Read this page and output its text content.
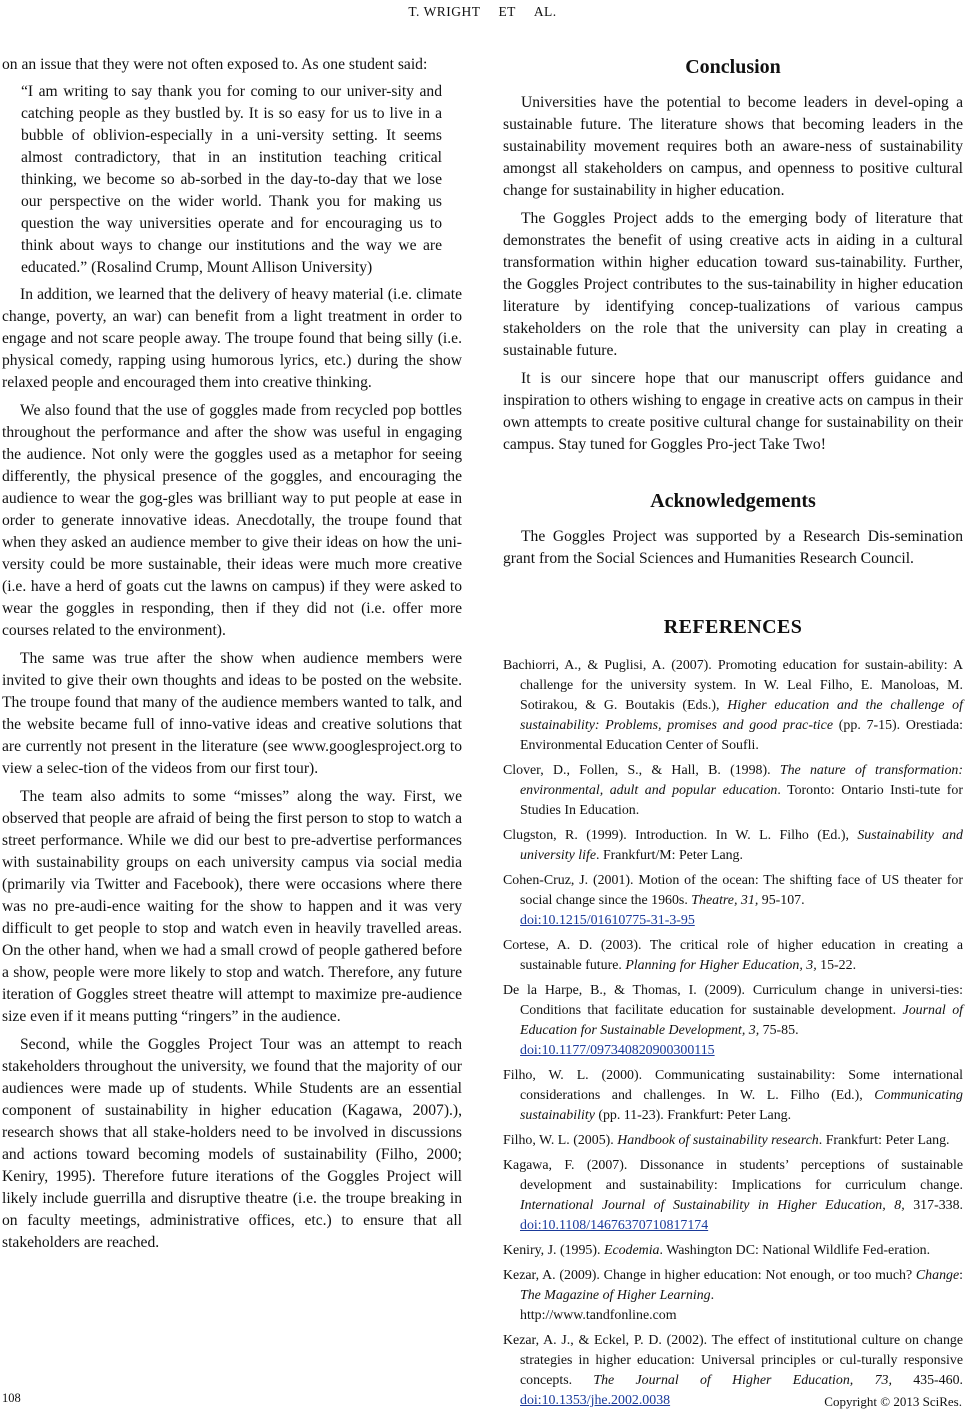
T. WRIGHT ET AL.

on an issue that they were not often exposed to. As one student said:

“I am writing to say thank you for coming to our univer-sity and catching people as they bustled by. It is so easy for us to live in a bubble of oblivion-especially in a uni-versity setting. It seems almost contradictory, that in an institution teaching critical thinking, we become so ab-sorbed in the day-to-day that we lose our perspective on the wider world. Thank you for making us question the way universities operate and for encouraging us to think about ways to change our institutions and the way we are educated.” (Rosalind Crump, Mount Allison University)

In addition, we learned that the delivery of heavy material (i.e. climate change, poverty, an war) can benefit from a light treatment in order to engage and not scare people away. The troupe found that being silly (i.e. physical comedy, rapping using humorous lyrics, etc.) during the show relaxed people and encouraged them into creative thinking.

We also found that the use of goggles made from recycled pop bottles throughout the performance and after the show was useful in engaging the audience. Not only were the goggles used as a metaphor for seeing differently, the physical presence of the goggles, and encouraging the audience to wear the gog-gles was brilliant way to put people at ease in order to generate innovative ideas. Anecdotally, the troupe found that when they asked an audience member to give their ideas on how the uni-versity could be more sustainable, their ideas were much more creative (i.e. have a herd of goats cut the lawns on campus) if they were asked to wear the goggles in responding, then if they did not (i.e. offer more courses related to the environment).

The same was true after the show when audience members were invited to give their own thoughts and ideas to be posted on the website. The troupe found that many of the audience members wanted to talk, and the website became full of inno-vative ideas and creative solutions that are currently not present in the literature (see www.googlesproject.org to view a selec-tion of the videos from our first tour).

The team also admits to some “misses” along the way. First, we observed that people are afraid of being the first person to stop to watch a street performance. While we did our best to pre-advertise performances with sustainability groups on each university campus via social media (primarily via Twitter and Facebook), there were occasions where there was no pre-audi-ence waiting for the show to happen and it was very difficult to get people to stop and watch even in heavily travelled areas. On the other hand, when we had a small crowd of people gathered before a show, people were more likely to stop and watch. Therefore, any future iteration of Goggles street theatre will attempt to maximize pre-audience size even if it means putting “ringers” in the audience.

Second, while the Goggles Project Tour was an attempt to reach stakeholders throughout the university, we found that the majority of our audiences were made up of students. While Students are an essential component of sustainability in higher education (Kagawa, 2007).), research shows that all stake-holders need to be involved in discussions and actions toward becoming models of sustainability (Filho, 2000; Keniry, 1995). Therefore future iterations of the Goggles Project will likely include guerrilla and disruptive theatre (i.e. the troupe breaking in on faculty meetings, administrative offices, etc.) to ensure that all stakeholders are reached.

Conclusion

Universities have the potential to become leaders in devel-oping a sustainable future. The literature shows that becoming leaders in the sustainability movement requires both an aware-ness of sustainability amongst all stakeholders on campus, and openness to positive cultural change for sustainability in higher education.

The Goggles Project adds to the emerging body of literature that demonstrates the benefit of using creative acts in aiding in a cultural transformation within higher education toward sus-tainability. Further, the Goggles Project contributes to the sus-tainability in higher education literature by identifying concep-tualizations of various campus stakeholders on the role that the university can play in creating a sustainable future.

It is our sincere hope that our manuscript offers guidance and inspiration to others wishing to engage in creative acts on campus in their own attempts to create positive cultural change for sustainability on their campus. Stay tuned for Goggles Pro-ject Take Two!

Acknowledgements

The Goggles Project was supported by a Research Dis-semination grant from the Social Sciences and Humanities Research Council.

REFERENCES
Bachiorri, A., & Puglisi, A. (2007). Promoting education for sustain-ability: A challenge for the university system. In W. Leal Filho, E. Manoloas, M. Sotirakou, & G. Boutakis (Eds.), Higher education and the challenge of sustainability: Problems, promises and good prac-tice (pp. 7-15). Orestiada: Environmental Education Center of Soufli.
Clover, D., Follen, S., & Hall, B. (1998). The nature of transformation: environmental, adult and popular education. Toronto: Ontario Insti-tute for Studies In Education.
Clugston, R. (1999). Introduction. In W. L. Filho (Ed.), Sustainability and university life. Frankfurt/M: Peter Lang.
Cohen-Cruz, J. (2001). Motion of the ocean: The shifting face of US theater for social change since the 1960s. Theatre, 31, 95-107.
doi:10.1215/01610775-31-3-95
Cortese, A. D. (2003). The critical role of higher education in creating a sustainable future. Planning for Higher Education, 3, 15-22.
De la Harpe, B., & Thomas, I. (2009). Curriculum change in universi-ties: Conditions that facilitate education for sustainable development. Journal of Education for Sustainable Development, 3, 75-85.
doi:10.1177/097340820900300115
Filho, W. L. (2000). Communicating sustainability: Some international considerations and challenges. In W. L. Filho (Ed.), Communicating sustainability (pp. 11-23). Frankfurt: Peter Lang.
Filho, W. L. (2005). Handbook of sustainability research. Frankfurt: Peter Lang.
Kagawa, F. (2007). Dissonance in students’ perceptions of sustainable development and sustainability: Implications for curriculum change. International Journal of Sustainability in Higher Education, 8, 317-338. doi:10.1108/14676370710817174
Keniry, J. (1995). Ecodemia. Washington DC: National Wildlife Fed-eration.
Kezar, A. (2009). Change in higher education: Not enough, or too much? Change: The Magazine of Higher Learning.
http://www.tandfonline.com
Kezar, A. J., & Eckel, P. D. (2002). The effect of institutional culture on change strategies in higher education: Universal principles or cul-turally responsive concepts. The Journal of Higher Education, 73, 435-460. doi:10.1353/jhe.2002.0038
108	Copyright © 2013 SciRes.
